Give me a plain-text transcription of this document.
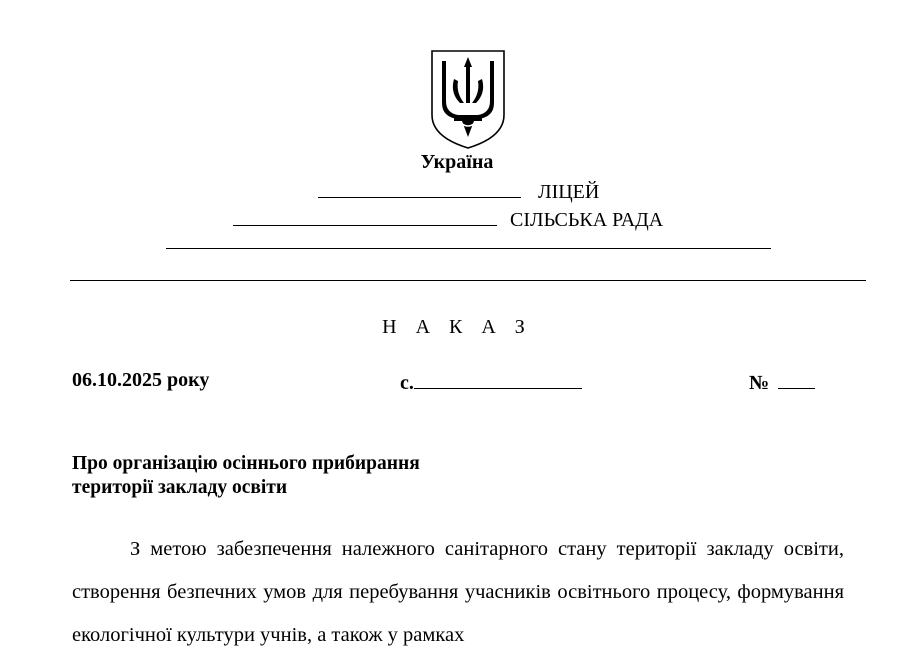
Україна
ЛІЦЕЙ
СІЛЬСЬКА РАДА
Н А К А З
06.10.2025 року	с.	№
Про організацію осіннього прибирання
території закладу освіти

З метою забезпечення належного санітарного стану території закладу освіти, створення безпечних умов для перебування учасників освітнього процесу, формування екологічної культури учнів, а також у рамках
